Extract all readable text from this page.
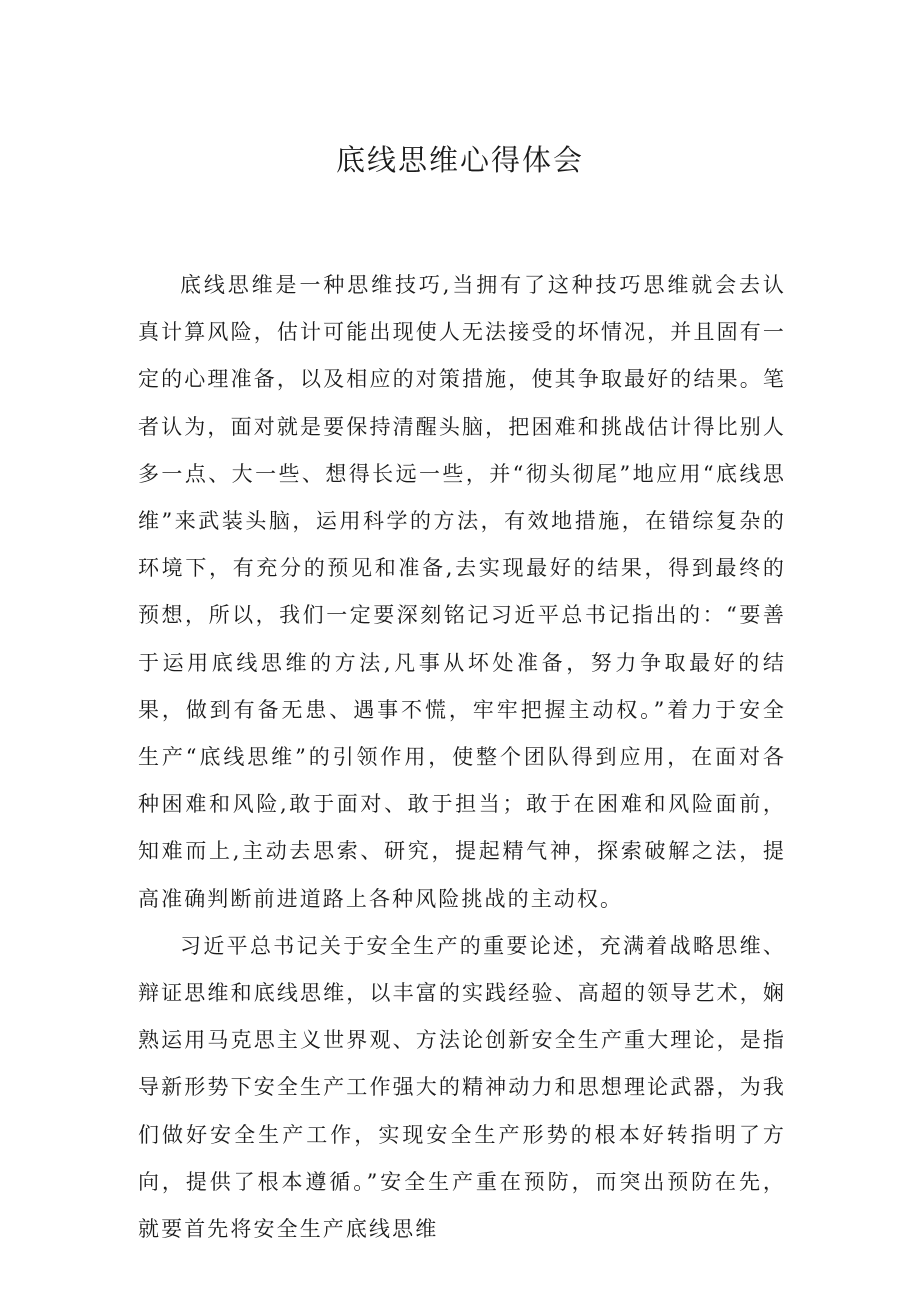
底线思维心得体会

底线思维是一种思维技巧,当拥有了这种技巧思维就会去认真计算风险，估计可能出现使人无法接受的坏情况，并且固有一定的心理准备，以及相应的对策措施，使其争取最好的结果。笔者认为，面对就是要保持清醒头脑，把困难和挑战估计得比别人多一点、大一些、想得长远一些，并“彻头彻尾”地应用“底线思维”来武装头脑，运用科学的方法，有效地措施，在错综复杂的环境下，有充分的预见和准备,去实现最好的结果，得到最终的预想，所以，我们一定要深刻铭记习近平总书记指出的：“要善于运用底线思维的方法,凡事从坏处准备，努力争取最好的结果，做到有备无患、遇事不慌，牢牢把握主动权。”着力于安全生产“底线思维”的引领作用，使整个团队得到应用，在面对各种困难和风险,敢于面对、敢于担当；敢于在困难和风险面前，知难而上,主动去思索、研究，提起精气神，探索破解之法，提高准确判断前进道路上各种风险挑战的主动权。

习近平总书记关于安全生产的重要论述，充满着战略思维、辩证思维和底线思维，以丰富的实践经验、高超的领导艺术，娴熟运用马克思主义世界观、方法论创新安全生产重大理论，是指导新形势下安全生产工作强大的精神动力和思想理论武器，为我们做好安全生产工作，实现安全生产形势的根本好转指明了方向，提供了根本遵循。”安全生产重在预防，而突出预防在先，就要首先将安全生产底线思维
